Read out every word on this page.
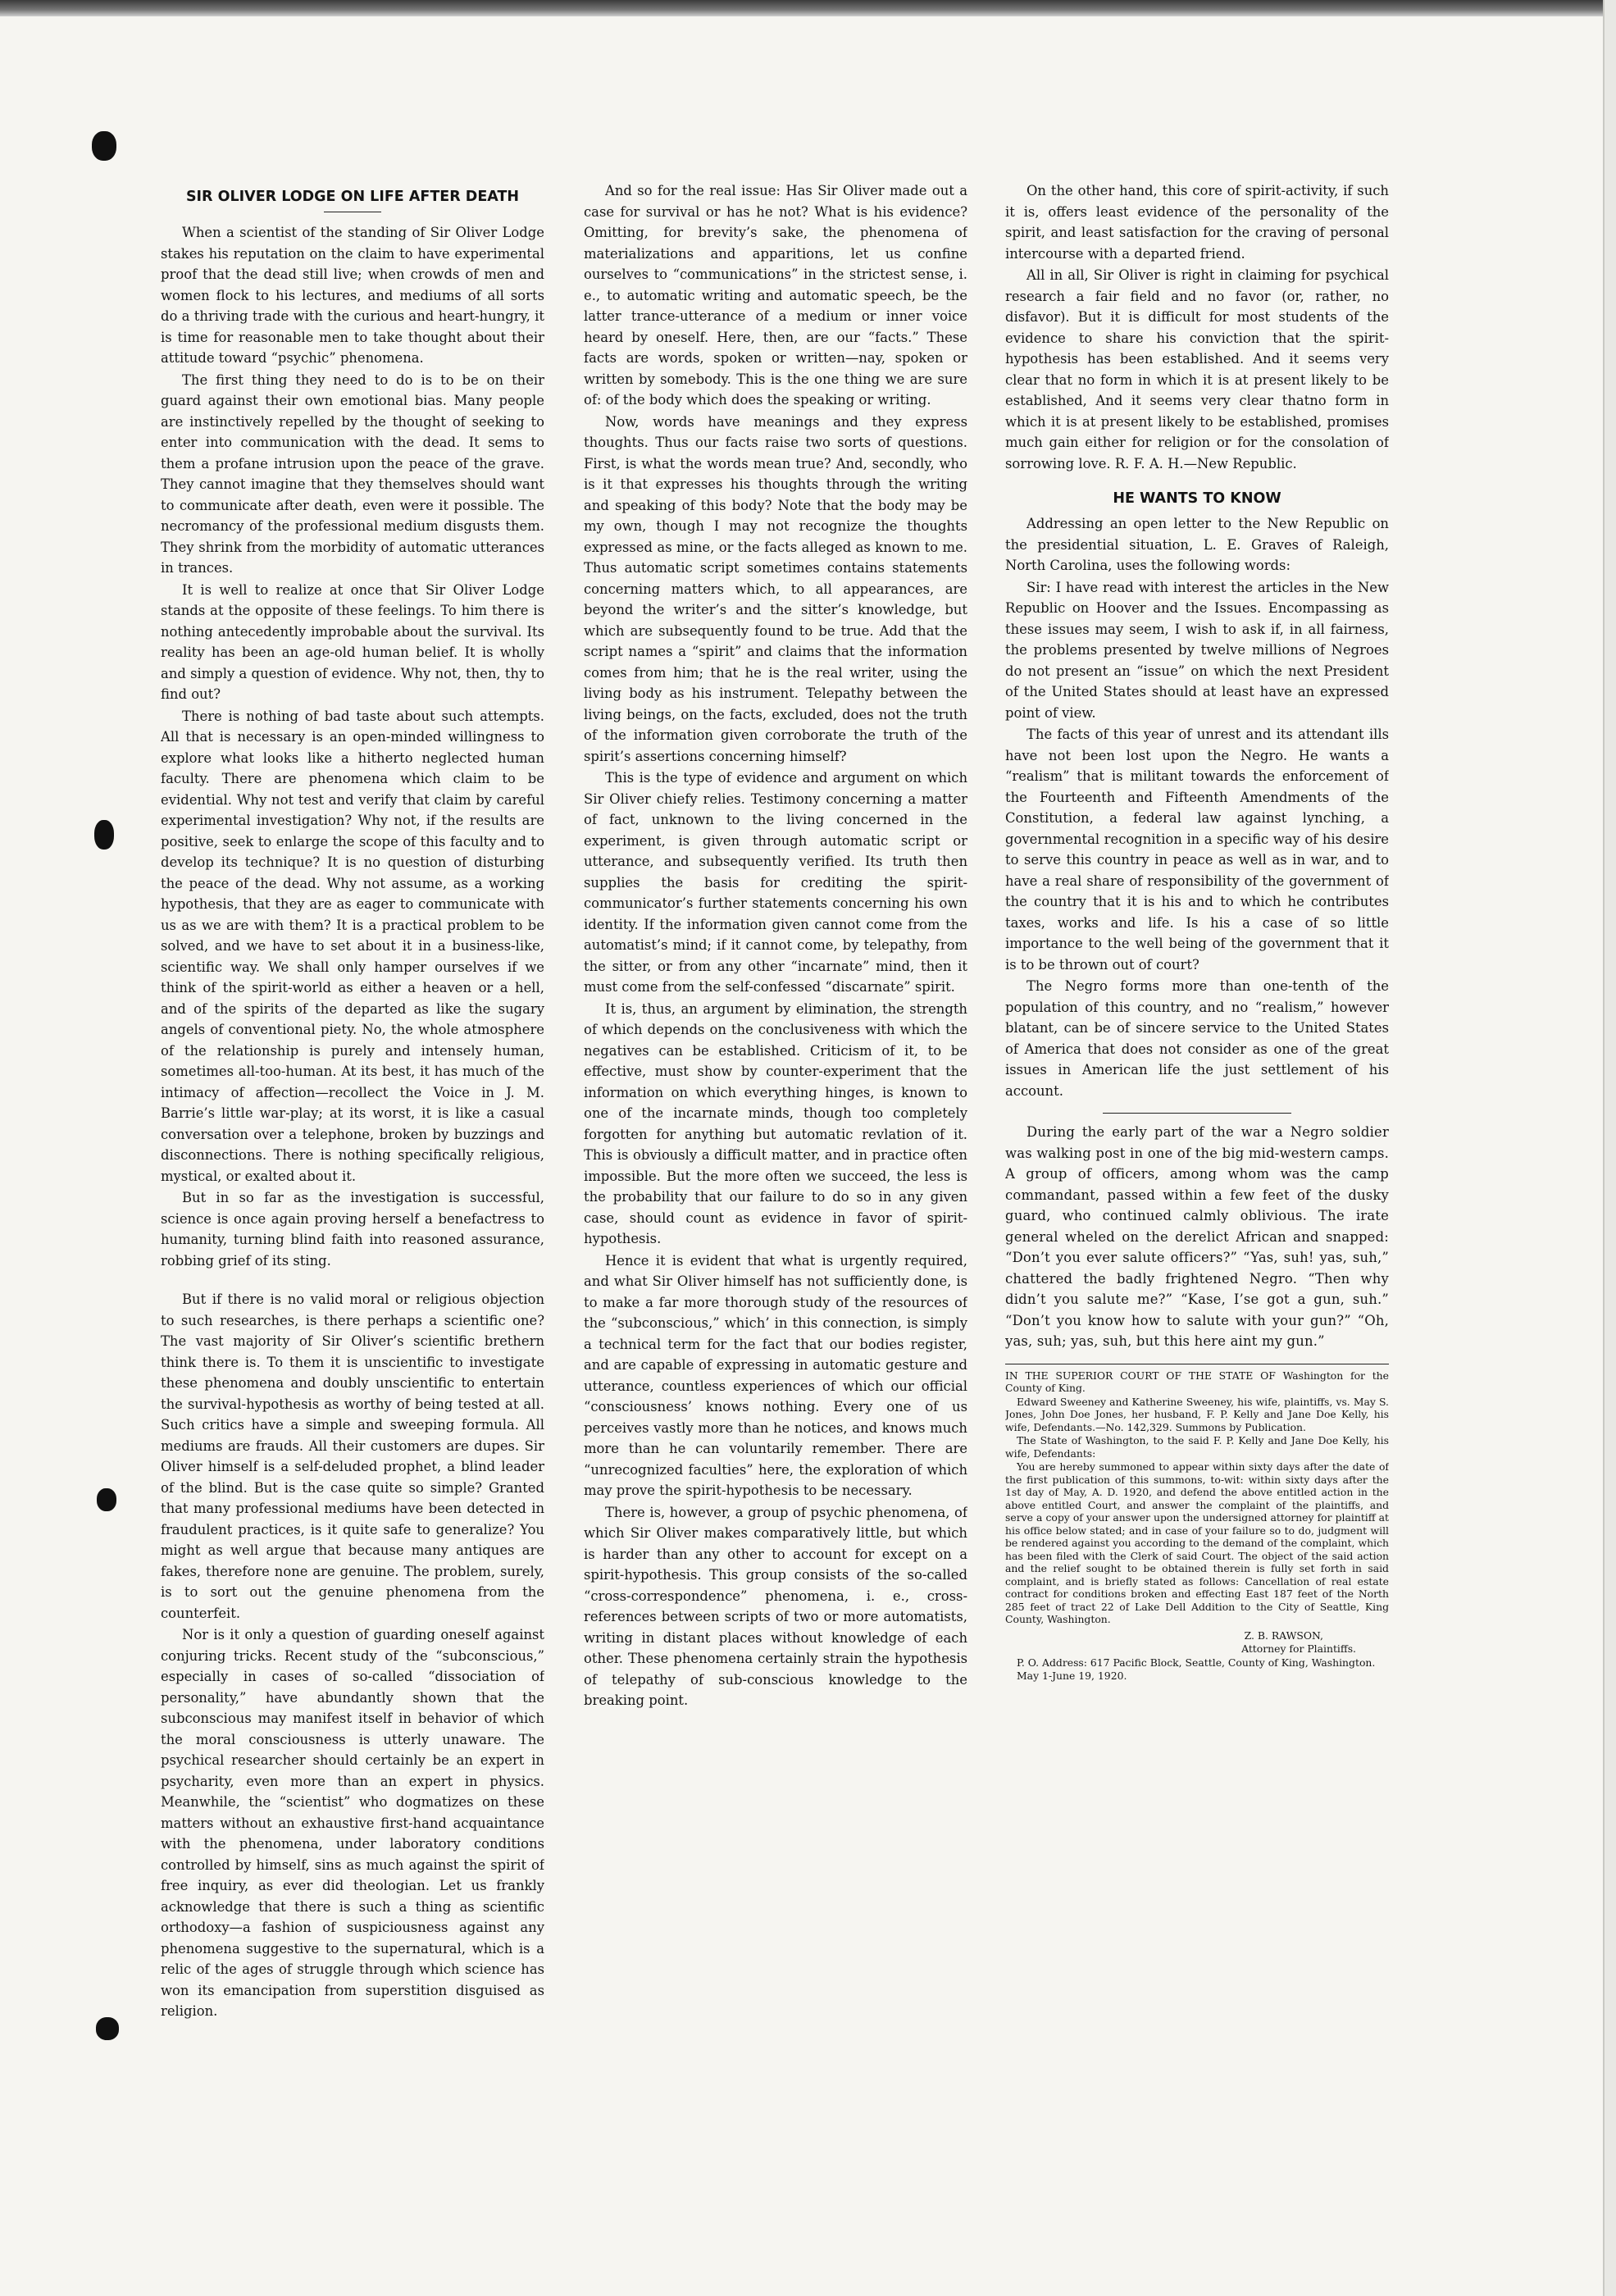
SIR OLIVER LODGE ON LIFE AFTER DEATH

When a scientist of the standing of Sir Oliver Lodge stakes his reputation on the claim to have experimental proof that the dead still live; when crowds of men and women flock to his lectures, and mediums of all sorts do a thriving trade with the curious and heart-hungry, it is time for reasonable men to take thought about their attitude toward “psychic” phenomena.

The first thing they need to do is to be on their guard against their own emotional bias. Many people are instinctively repelled by the thought of seeking to enter into communication with the dead. It sems to them a profane intrusion upon the peace of the grave. They cannot imagine that they themselves should want to communicate after death, even were it possible. The necromancy of the professional medium disgusts them. They shrink from the morbidity of automatic utterances in trances.

It is well to realize at once that Sir Oliver Lodge stands at the opposite of these feelings. To him there is nothing antecedently improbable about the survival. Its reality has been an age-old human belief. It is wholly and simply a question of evidence. Why not, then, thy to find out?

There is nothing of bad taste about such attempts. All that is necessary is an open-minded willingness to explore what looks like a hitherto neglected human faculty. There are phenomena which claim to be evidential. Why not test and verify that claim by careful experimental investigation? Why not, if the results are positive, seek to enlarge the scope of this faculty and to develop its technique? It is no question of disturbing the peace of the dead. Why not assume, as a working hypothesis, that they are as eager to communicate with us as we are with them? It is a practical problem to be solved, and we have to set about it in a business-like, scientific way. We shall only hamper ourselves if we think of the spirit-world as either a heaven or a hell, and of the spirits of the departed as like the sugary angels of conventional piety. No, the whole atmosphere of the relationship is purely and intensely human, sometimes all-too-human. At its best, it has much of the intimacy of affection—recollect the Voice in J. M. Barrie’s little war-play; at its worst, it is like a casual conversation over a telephone, broken by buzzings and disconnections. There is nothing specifically religious, mystical, or exalted about it.

But in so far as the investigation is successful, science is once again proving herself a benefactress to humanity, turning blind faith into reasoned assurance, robbing grief of its sting.

But if there is no valid moral or religious objection to such researches, is there perhaps a scientific one? The vast majority of Sir Oliver’s scientific brethern think there is. To them it is unscientific to investigate these phenomena and doubly unscientific to entertain the survival-hypothesis as worthy of being tested at all. Such critics have a simple and sweeping formula. All mediums are frauds. All their customers are dupes. Sir Oliver himself is a self-deluded prophet, a blind leader of the blind. But is the case quite so simple? Granted that many professional mediums have been detected in fraudulent practices, is it quite safe to generalize? You might as well argue that because many antiques are fakes, therefore none are genuine. The problem, surely, is to sort out the genuine phenomena from the counterfeit.

Nor is it only a question of guarding oneself against conjuring tricks. Recent study of the “subconscious,” especially in cases of so-called “dissociation of personality,” have abundantly shown that the subconscious may manifest itself in behavior of which the moral consciousness is utterly unaware. The psychical researcher should certainly be an expert in psycharity, even more than an expert in physics. Meanwhile, the “scientist” who dogmatizes on these matters without an exhaustive first-hand acquaintance with the phenomena, under laboratory conditions controlled by himself, sins as much against the spirit of free inquiry, as ever did theologian. Let us frankly acknowledge that there is such a thing as scientific orthodoxy—a fashion of suspiciousness against any phenomena suggestive to the supernatural, which is a relic of the ages of struggle through which science has won its emancipation from superstition disguised as religion.

And so for the real issue: Has Sir Oliver made out a case for survival or has he not? What is his evidence? Omitting, for brevity’s sake, the phenomena of materializations and apparitions, let us confine ourselves to “communications” in the strictest sense, i. e., to automatic writing and automatic speech, be the latter trance-utterance of a medium or inner voice heard by oneself. Here, then, are our “facts.” These facts are words, spoken or written—nay, spoken or written by somebody. This is the one thing we are sure of: of the body which does the speaking or writing.

Now, words have meanings and they express thoughts. Thus our facts raise two sorts of questions. First, is what the words mean true? And, secondly, who is it that expresses his thoughts through the writing and speaking of this body? Note that the body may be my own, though I may not recognize the thoughts expressed as mine, or the facts alleged as known to me. Thus automatic script sometimes contains statements concerning matters which, to all appearances, are beyond the writer’s and the sitter’s knowledge, but which are subsequently found to be true. Add that the script names a “spirit” and claims that the information comes from him; that he is the real writer, using the living body as his instrument. Telepathy between the living beings, on the facts, excluded, does not the truth of the information given corroborate the truth of the spirit’s assertions concerning himself?

This is the type of evidence and argument on which Sir Oliver chiefy relies. Testimony concerning a matter of fact, unknown to the living concerned in the experiment, is given through automatic script or utterance, and subsequently verified. Its truth then supplies the basis for crediting the spirit-communicator’s further statements concerning his own identity. If the information given cannot come from the automatist’s mind; if it cannot come, by telepathy, from the sitter, or from any other “incarnate” mind, then it must come from the self-confessed “discarnate” spirit.

It is, thus, an argument by elimination, the strength of which depends on the conclusiveness with which the negatives can be established. Criticism of it, to be effective, must show by counter-experiment that the information on which everything hinges, is known to one of the incarnate minds, though too completely forgotten for anything but automatic revlation of it. This is obviously a difficult matter, and in practice often impossible. But the more often we succeed, the less is the probability that our failure to do so in any given case, should count as evidence in favor of spirit-hypothesis.

Hence it is evident that what is urgently required, and what Sir Oliver himself has not sufficiently done, is to make a far more thorough study of the resources of the “subconscious,” which’ in this connection, is simply a technical term for the fact that our bodies register, and are capable of expressing in automatic gesture and utterance, countless experiences of which our official “consciousness’ knows nothing. Every one of us perceives vastly more than he notices, and knows much more than he can voluntarily remember. There are “unrecognized faculties” here, the exploration of which may prove the spirit-hypothesis to be necessary.

There is, however, a group of psychic phenomena, of which Sir Oliver makes comparatively little, but which is harder than any other to account for except on a spirit-hypothesis. This group consists of the so-called “cross-correspondence” phenomena, i. e., cross-references between scripts of two or more automatists, writing in distant places without knowledge of each other. These phenomena certainly strain the hypothesis of telepathy of sub-conscious knowledge to the breaking point.

On the other hand, this core of spirit-activity, if such it is, offers least evidence of the personality of the spirit, and least satisfaction for the craving of personal intercourse with a departed friend.

All in all, Sir Oliver is right in claiming for psychical research a fair field and no favor (or, rather, no disfavor). But it is difficult for most students of the evidence to share his conviction that the spirit-hypothesis has been established. And it seems very clear that no form in which it is at present likely to be established, And it seems very clear thatno form in which it is at present likely to be established, promises much gain either for religion or for the consolation of sorrowing love. R. F. A. H.—New Republic.

HE WANTS TO KNOW

Addressing an open letter to the New Republic on the presidential situation, L. E. Graves of Raleigh, North Carolina, uses the following words:

Sir: I have read with interest the articles in the New Republic on Hoover and the Issues. Encompassing as these issues may seem, I wish to ask if, in all fairness, the problems presented by twelve millions of Negroes do not present an “issue” on which the next President of the United States should at least have an expressed point of view.

The facts of this year of unrest and its attendant ills have not been lost upon the Negro. He wants a “realism” that is militant towards the enforcement of the Fourteenth and Fifteenth Amendments of the Constitution, a federal law against lynching, a governmental recognition in a specific way of his desire to serve this country in peace as well as in war, and to have a real share of responsibility of the government of the country that it is his and to which he contributes taxes, works and life. Is his a case of so little importance to the well being of the government that it is to be thrown out of court?

The Negro forms more than one-tenth of the population of this country, and no “realism,” however blatant, can be of sincere service to the United States of America that does not consider as one of the great issues in American life the just settlement of his account.

During the early part of the war a Negro soldier was walking post in one of the big mid-western camps. A group of officers, among whom was the camp commandant, passed within a few feet of the dusky guard, who continued calmly oblivious. The irate general wheled on the derelict African and snapped: “Don’t you ever salute officers?” “Yas, suh! yas, suh,” chattered the badly frightened Negro. “Then why didn’t you salute me?” “Kase, I’se got a gun, suh.” “Don’t you know how to salute with your gun?” “Oh, yas, suh; yas, suh, but this here aint my gun.”

IN THE SUPERIOR COURT OF THE STATE OF Washington for the County of King.

Edward Sweeney and Katherine Sweeney, his wife, plaintiffs, vs. May S. Jones, John Doe Jones, her husband, F. P. Kelly and Jane Doe Kelly, his wife, Defendants.—No. 142,329. Summons by Publication.

The State of Washington, to the said F. P. Kelly and Jane Doe Kelly, his wife, Defendants:

You are hereby summoned to appear within sixty days after the date of the first publication of this summons, to-wit: within sixty days after the 1st day of May, A. D. 1920, and defend the above entitled action in the above entitled Court, and answer the complaint of the plaintiffs, and serve a copy of your answer upon the undersigned attorney for plaintiff at his office below stated; and in case of your failure so to do, judgment will be rendered against you according to the demand of the complaint, which has been filed with the Clerk of said Court. The object of the said action and the relief sought to be obtained therein is fully set forth in said complaint, and is briefly stated as follows: Cancellation of real estate contract for conditions broken and effecting East 187 feet of the North 285 feet of tract 22 of Lake Dell Addition to the City of Seattle, King County, Washington.

Z. B. RAWSON,

Attorney for Plaintiffs.

P. O. Address: 617 Pacific Block, Seattle, County of King, Washington.

May 1-June 19, 1920.
